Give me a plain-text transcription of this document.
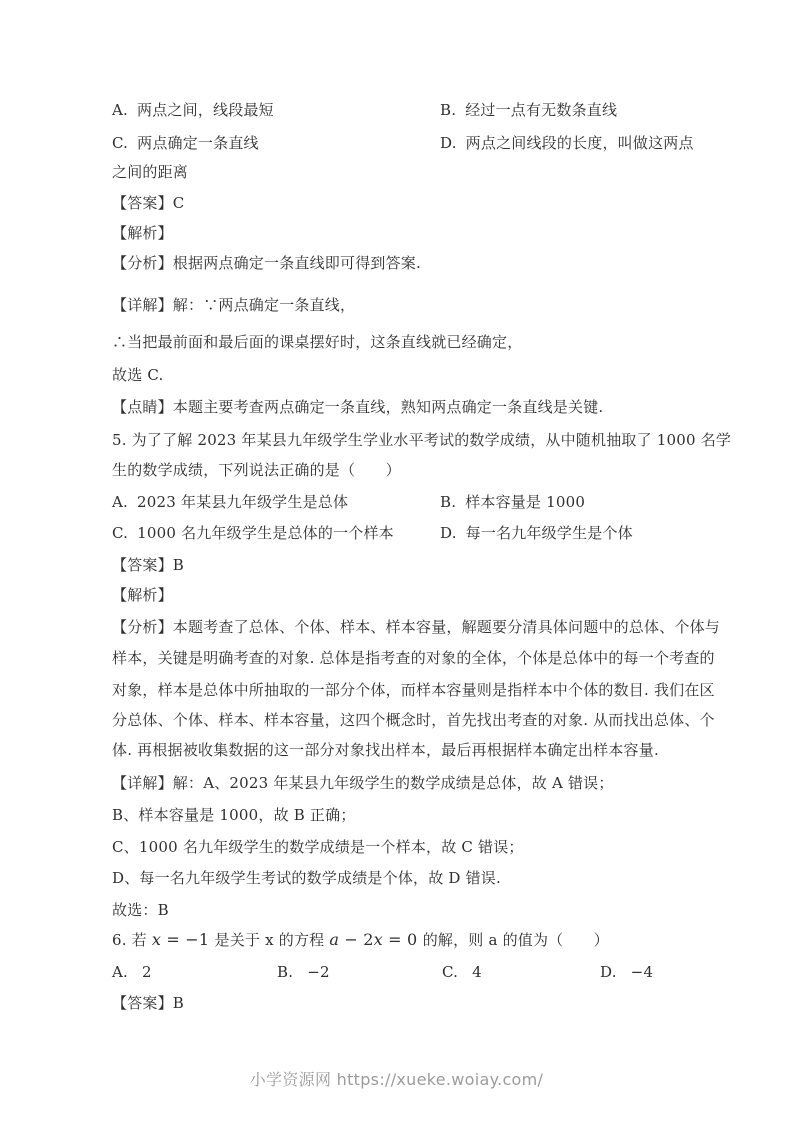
A. 两点之间，线段最短	B. 经过一点有无数条直线
C. 两点确定一条直线	D. 两点之间线段的长度，叫做这两点
之间的距离
【答案】C
【解析】
【分析】根据两点确定一条直线即可得到答案.
【详解】解：∵两点确定一条直线，
∴当把最前面和最后面的课桌摆好时，这条直线就已经确定，
故选 C.
【点睛】本题主要考查两点确定一条直线，熟知两点确定一条直线是关键.
5. 为了了解 2023 年某县九年级学生学业水平考试的数学成绩，从中随机抽取了 1000 名学
生的数学成绩，下列说法正确的是（　　）
A. 2023 年某县九年级学生是总体	B. 样本容量是 1000
C. 1000 名九年级学生是总体的一个样本	D. 每一名九年级学生是个体
【答案】B
【解析】
【分析】本题考查了总体、个体、样本、样本容量，解题要分清具体问题中的总体、个体与
样本，关键是明确考查的对象. 总体是指考查的对象的全体，个体是总体中的每一个考查的
对象，样本是总体中所抽取的一部分个体，而样本容量则是指样本中个体的数目. 我们在区
分总体、个体、样本、样本容量，这四个概念时，首先找出考查的对象. 从而找出总体、个
体. 再根据被收集数据的这一部分对象找出样本，最后再根据样本确定出样本容量.
【详解】解：A、2023 年某县九年级学生的数学成绩是总体，故 A 错误；
B、样本容量是 1000，故 B 正确；
C、1000 名九年级学生的数学成绩是一个样本，故 C 错误；
D、每一名九年级学生考试的数学成绩是个体，故 D 错误.
故选：B
6. 若 x = −1 是关于 x 的方程 a − 2x = 0 的解，则 a 的值为（　　）
A. 2	B. −2	C. 4	D. −4
【答案】B
小学资源网 https://xueke.woiay.com/
